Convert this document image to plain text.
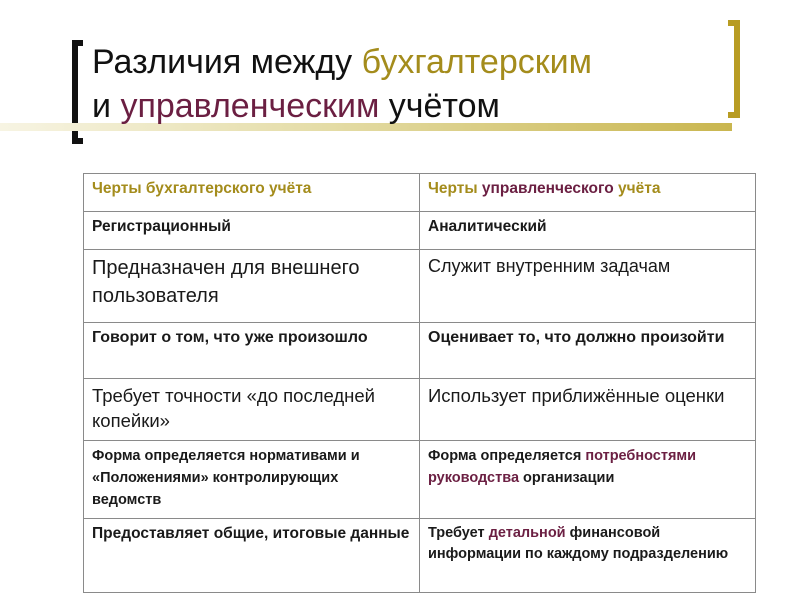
Различия между бухгалтерским
и управленческим учётом
Черты бухгалтерского учёта	Черты управленческого учёта
Регистрационный	Аналитический
Предназначен для внешнего пользователя	Служит внутренним задачам
Говорит о том, что уже произошло	Оценивает то, что должно произойти
Требует точности «до последней копейки»	Использует приближённые оценки
Форма определяется нормативами и «Положениями» контролирующих ведомств	Форма определяется потребностями руководства организации
Предоставляет общие, итоговые данные	Требует детальной финансовой информации по каждому подразделению
